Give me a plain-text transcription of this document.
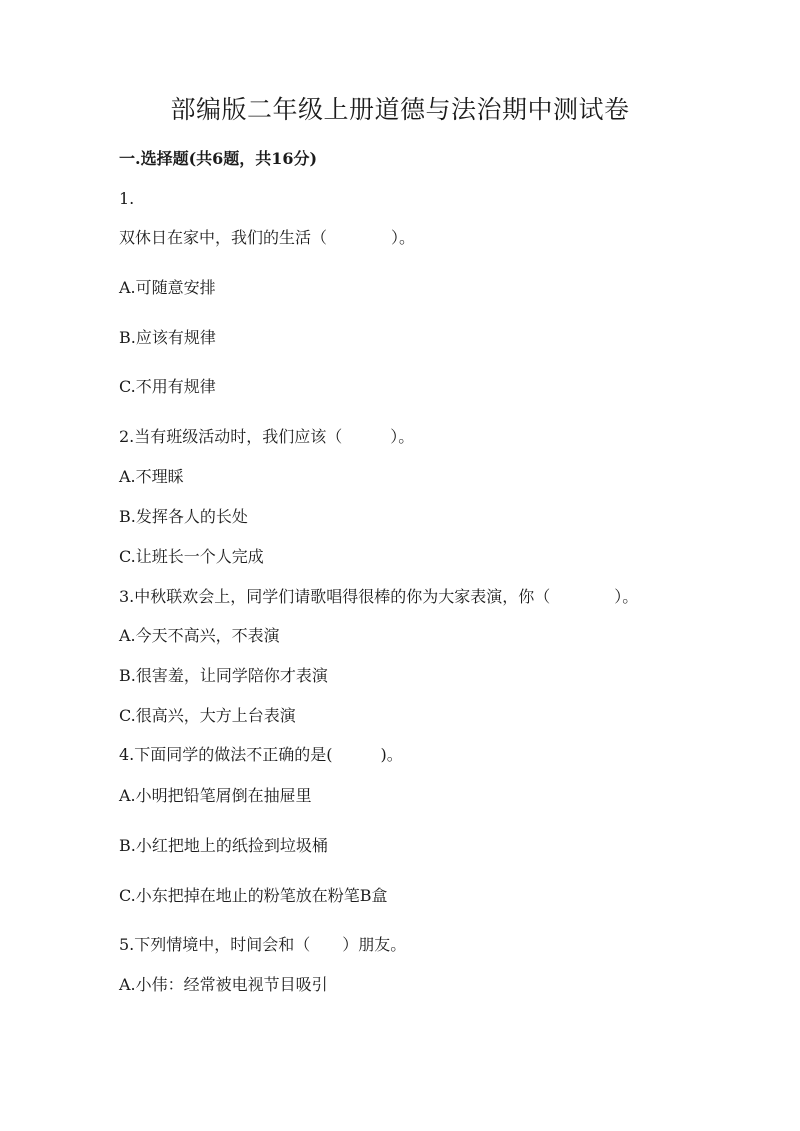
部编版二年级上册道德与法治期中测试卷
一.选择题(共6题，共16分)
1.
双休日在家中，我们的生活（　　　　）。
A.可随意安排
B.应该有规律
C.不用有规律
2.当有班级活动时，我们应该（　　　）。
A.不理睬
B.发挥各人的长处
C.让班长一个人完成
3.中秋联欢会上，同学们请歌唱得很棒的你为大家表演，你（　　　　）。
A.今天不高兴，不表演
B.很害羞，让同学陪你才表演
C.很高兴，大方上台表演
4.下面同学的做法不正确的是(　　　)。
A.小明把铅笔屑倒在抽屉里
B.小红把地上的纸捡到垃圾桶
C.小东把掉在地止的粉笔放在粉笔B盒
5.下列情境中，时间会和（　　）朋友。
A.小伟：经常被电视节目吸引
